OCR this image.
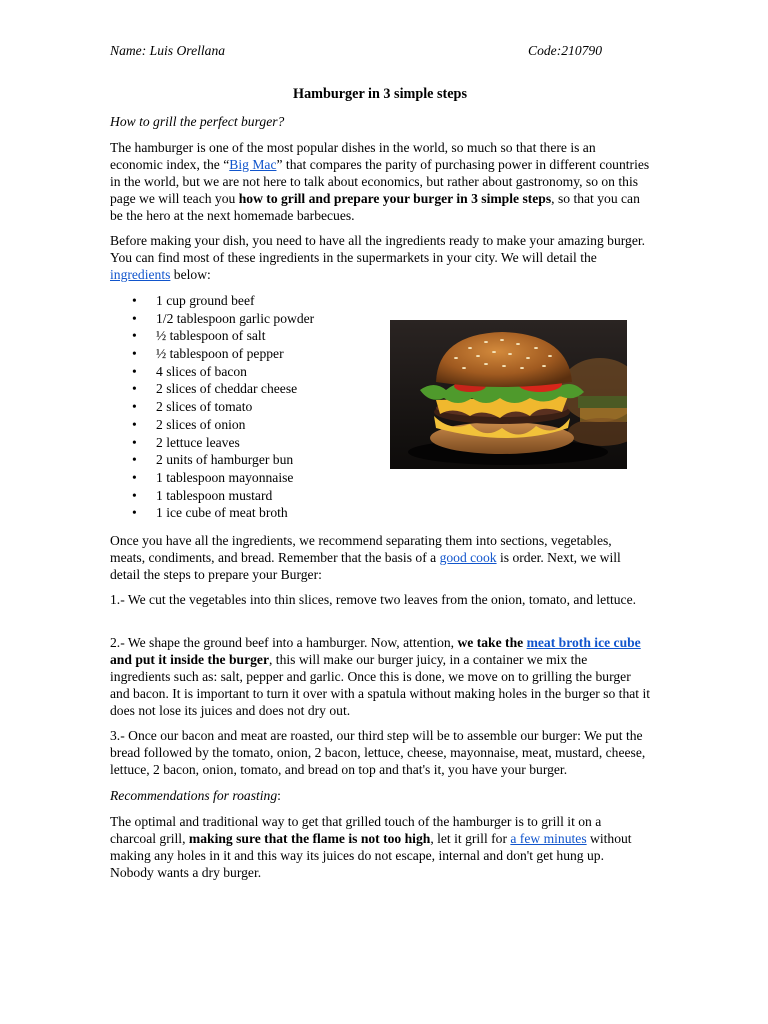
Name: Luis Orellana	Code:210790
Hamburger in 3 simple steps

How to grill the perfect burger?

The hamburger is one of the most popular dishes in the world, so much so that there is an economic index, the “Big Mac” that compares the parity of purchasing power in different countries in the world, but we are not here to talk about economics, but rather about gastronomy, so on this page we will teach you how to grill and prepare your burger in 3 simple steps, so that you can be the hero at the next homemade barbecues.

Before making your dish, you need to have all the ingredients ready to make your amazing burger. You can find most of these ingredients in the supermarkets in your city. We will detail the ingredients below:

• 1 cup ground beef
• 1/2 tablespoon garlic powder
• ½ tablespoon of salt
• ½ tablespoon of pepper
• 4 slices of bacon
• 2 slices of cheddar cheese
• 2 slices of tomato
• 2 slices of onion
• 2 lettuce leaves
• 2 units of hamburger bun
• 1 tablespoon mayonnaise
• 1 tablespoon mustard
• 1 ice cube of meat broth

Once you have all the ingredients, we recommend separating them into sections, vegetables, meats, condiments, and bread. Remember that the basis of a good cook is order. Next, we will detail the steps to prepare your Burger:

1.- We cut the vegetables into thin slices, remove two leaves from the onion, tomato, and lettuce.

2.- We shape the ground beef into a hamburger. Now, attention, we take the meat broth ice cube and put it inside the burger, this will make our burger juicy, in a container we mix the ingredients such as: salt, pepper and garlic. Once this is done, we move on to grilling the burger and bacon. It is important to turn it over with a spatula without making holes in the burger so that it does not lose its juices and does not dry out.

3.- Once our bacon and meat are roasted, our third step will be to assemble our burger: We put the bread followed by the tomato, onion, 2 bacon, lettuce, cheese, mayonnaise, meat, mustard, cheese, lettuce, 2 bacon, onion, tomato, and bread on top and that's it, you have your burger.

Recommendations for roasting:

The optimal and traditional way to get that grilled touch of the hamburger is to grill it on a charcoal grill, making sure that the flame is not too high, let it grill for a few minutes without making any holes in it and this way its juices do not escape, internal and don't get hung up. Nobody wants a dry burger.
